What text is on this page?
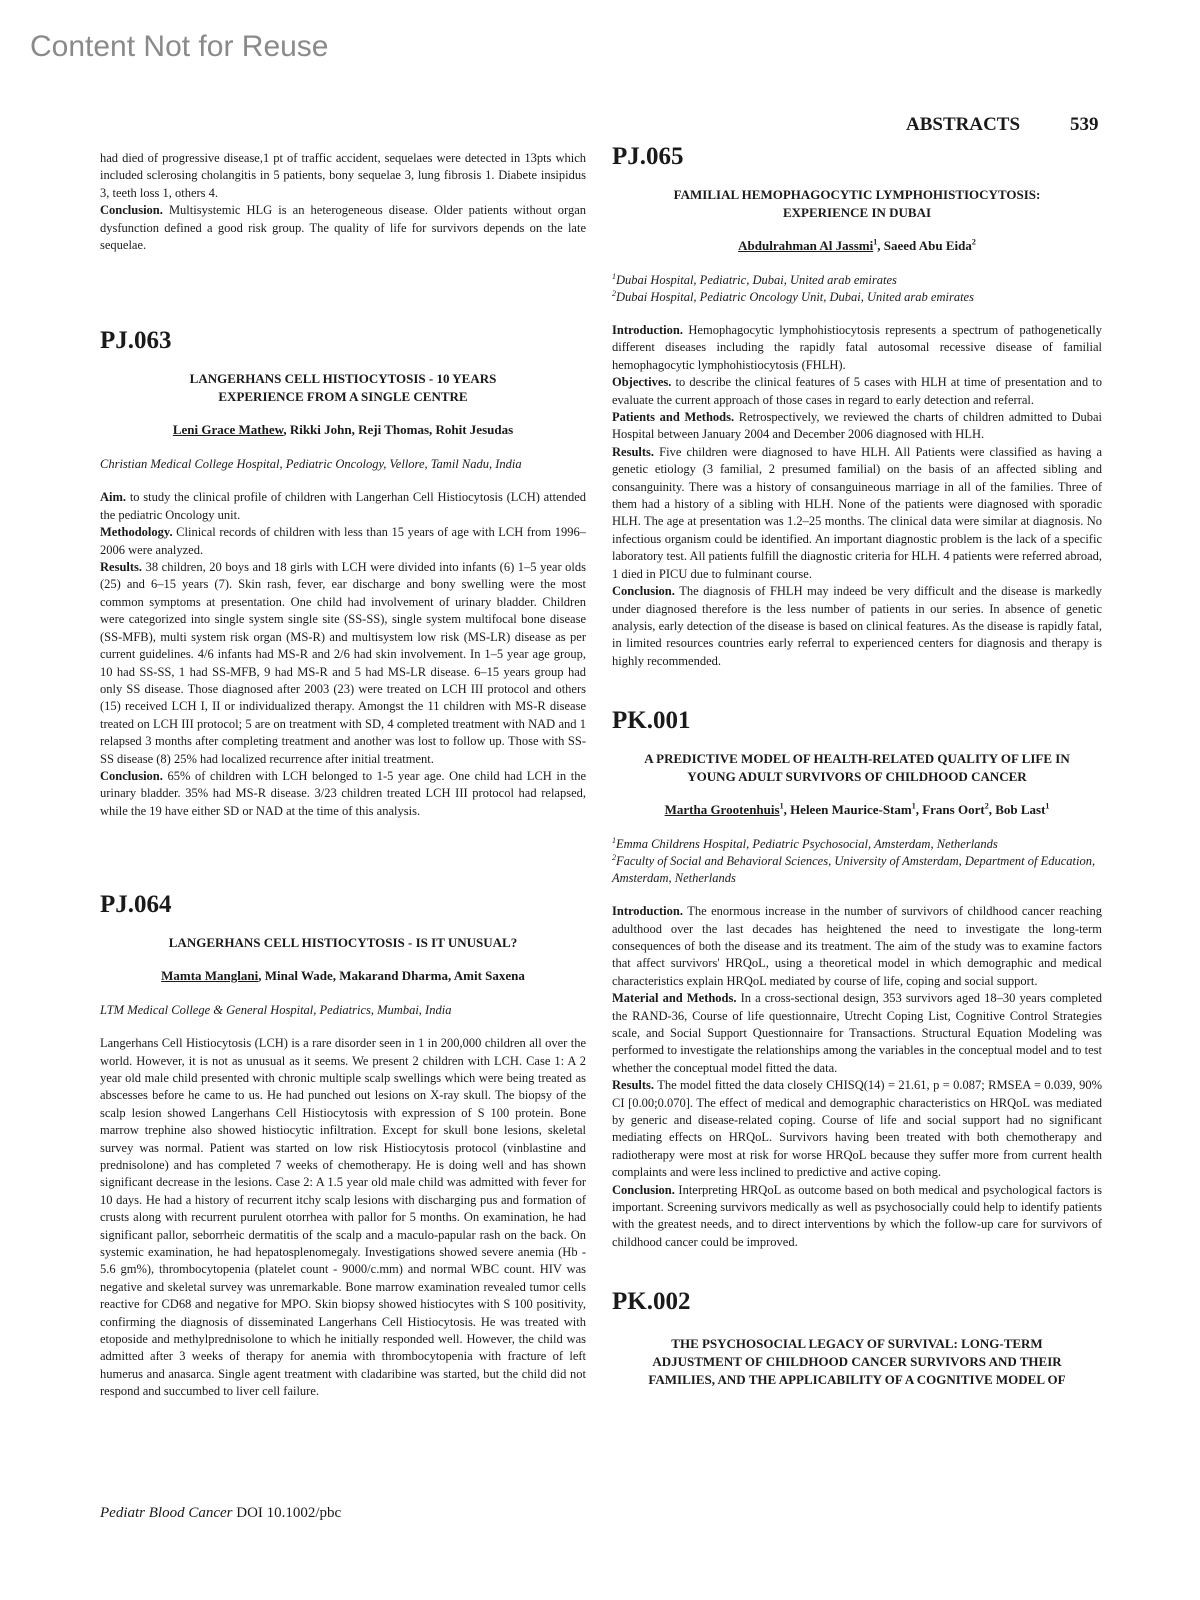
Content Not for Reuse
ABSTRACTS	539

had died of progressive disease,1 pt of traffic accident, sequelaes were detected in 13pts which included sclerosing cholangitis in 5 patients, bony sequelae 3, lung fibrosis 1. Diabete insipidus 3, teeth loss 1, others 4.
Conclusion. Multisystemic HLG is an heterogeneous disease. Older patients without organ dysfunction defined a good risk group. The quality of life for survivors depends on the late sequelae.

PJ.063
LANGERHANS CELL HISTIOCYTOSIS - 10 YEARS
EXPERIENCE FROM A SINGLE CENTRE
Leni Grace Mathew, Rikki John, Reji Thomas, Rohit Jesudas
Christian Medical College Hospital, Pediatric Oncology, Vellore, Tamil Nadu, India

Aim. to study the clinical profile of children with Langerhan Cell Histiocytosis (LCH) attended the pediatric Oncology unit.

Methodology. Clinical records of children with less than 15 years of age with LCH from 1996–2006 were analyzed.

Results. 38 children, 20 boys and 18 girls with LCH were divided into infants (6) 1–5 year olds (25) and 6–15 years (7). Skin rash, fever, ear discharge and bony swelling were the most common symptoms at presentation. One child had involvement of urinary bladder. Children were categorized into single system single site (SS-SS), single system multifocal bone disease (SS-MFB), multi system risk organ (MS-R) and multisystem low risk (MS-LR) disease as per current guidelines. 4/6 infants had MS-R and 2/6 had skin involvement. In 1–5 year age group, 10 had SS-SS, 1 had SS-MFB, 9 had MS-R and 5 had MS-LR disease. 6–15 years group had only SS disease. Those diagnosed after 2003 (23) were treated on LCH III protocol and others (15) received LCH I, II or individualized therapy. Amongst the 11 children with MS-R disease treated on LCH III protocol; 5 are on treatment with SD, 4 completed treatment with NAD and 1 relapsed 3 months after completing treatment and another was lost to follow up. Those with SS-SS disease (8) 25% had localized recurrence after initial treatment.

Conclusion. 65% of children with LCH belonged to 1-5 year age. One child had LCH in the urinary bladder. 35% had MS-R disease. 3/23 children treated LCH III protocol had relapsed, while the 19 have either SD or NAD at the time of this analysis.

PJ.064
LANGERHANS CELL HISTIOCYTOSIS - IS IT UNUSUAL?
Mamta Manglani, Minal Wade, Makarand Dharma, Amit Saxena
LTM Medical College & General Hospital, Pediatrics, Mumbai, India

Langerhans Cell Histiocytosis (LCH) is a rare disorder seen in 1 in 200,000 children all over the world. However, it is not as unusual as it seems. We present 2 children with LCH. Case 1: A 2 year old male child presented with chronic multiple scalp swellings which were being treated as abscesses before he came to us. He had punched out lesions on X-ray skull. The biopsy of the scalp lesion showed Langerhans Cell Histiocytosis with expression of S 100 protein. Bone marrow trephine also showed histiocytic infiltration. Except for skull bone lesions, skeletal survey was normal. Patient was started on low risk Histiocytosis protocol (vinblastine and prednisolone) and has completed 7 weeks of chemotherapy. He is doing well and has shown significant decrease in the lesions. Case 2: A 1.5 year old male child was admitted with fever for 10 days. He had a history of recurrent itchy scalp lesions with discharging pus and formation of crusts along with recurrent purulent otorrhea with pallor for 5 months. On examination, he had significant pallor, seborrheic dermatitis of the scalp and a maculo-papular rash on the back. On systemic examination, he had hepatosplenomegaly. Investigations showed severe anemia (Hb - 5.6 gm%), thrombocytopenia (platelet count - 9000/c.mm) and normal WBC count. HIV was negative and skeletal survey was unremarkable. Bone marrow examination revealed tumor cells reactive for CD68 and negative for MPO. Skin biopsy showed histiocytes with S 100 positivity, confirming the diagnosis of disseminated Langerhans Cell Histiocytosis. He was treated with etoposide and methylprednisolone to which he initially responded well. However, the child was admitted after 3 weeks of therapy for anemia with thrombocytopenia with fracture of left humerus and anasarca. Single agent treatment with cladaribine was started, but the child did not respond and succumbed to liver cell failure.

PJ.065
FAMILIAL HEMOPHAGOCYTIC LYMPHOHISTIOCYTOSIS:
EXPERIENCE IN DUBAI
Abdulrahman Al Jassmi$^1$, Saeed Abu Eida$^2$
$^1$Dubai Hospital, Pediatric, Dubai, United arab emirates
$^2$Dubai Hospital, Pediatric Oncology Unit, Dubai, United arab emirates

Introduction. Hemophagocytic lymphohistiocytosis represents a spectrum of pathogenetically different diseases including the rapidly fatal autosomal recessive disease of familial hemophagocytic lymphohistiocytosis (FHLH).

Objectives. to describe the clinical features of 5 cases with HLH at time of presentation and to evaluate the current approach of those cases in regard to early detection and referral.

Patients and Methods. Retrospectively, we reviewed the charts of children admitted to Dubai Hospital between January 2004 and December 2006 diagnosed with HLH.

Results. Five children were diagnosed to have HLH. All Patients were classified as having a genetic etiology (3 familial, 2 presumed familial) on the basis of an affected sibling and consanguinity. There was a history of consanguineous marriage in all of the families. Three of them had a history of a sibling with HLH. None of the patients were diagnosed with sporadic HLH. The age at presentation was 1.2–25 months. The clinical data were similar at diagnosis. No infectious organism could be identified. An important diagnostic problem is the lack of a specific laboratory test. All patients fulfill the diagnostic criteria for HLH. 4 patients were referred abroad, 1 died in PICU due to fulminant course.

Conclusion. The diagnosis of FHLH may indeed be very difficult and the disease is markedly under diagnosed therefore is the less number of patients in our series. In absence of genetic analysis, early detection of the disease is based on clinical features. As the disease is rapidly fatal, in limited resources countries early referral to experienced centers for diagnosis and therapy is highly recommended.

PK.001
A PREDICTIVE MODEL OF HEALTH-RELATED QUALITY OF LIFE IN
YOUNG ADULT SURVIVORS OF CHILDHOOD CANCER
Martha Grootenhuis$^1$, Heleen Maurice-Stam$^1$, Frans Oort$^2$, Bob Last$^1$
$^1$Emma Childrens Hospital, Pediatric Psychosocial, Amsterdam, Netherlands
$^2$Faculty of Social and Behavioral Sciences, University of Amsterdam, Department of Education, Amsterdam, Netherlands

Introduction. The enormous increase in the number of survivors of childhood cancer reaching adulthood over the last decades has heightened the need to investigate the long-term consequences of both the disease and its treatment. The aim of the study was to examine factors that affect survivors' HRQoL, using a theoretical model in which demographic and medical characteristics explain HRQoL mediated by course of life, coping and social support.

Material and Methods. In a cross-sectional design, 353 survivors aged 18–30 years completed the RAND-36, Course of life questionnaire, Utrecht Coping List, Cognitive Control Strategies scale, and Social Support Questionnaire for Transactions. Structural Equation Modeling was performed to investigate the relationships among the variables in the conceptual model and to test whether the conceptual model fitted the data.

Results. The model fitted the data closely CHISQ(14) = 21.61, p = 0.087; RMSEA = 0.039, 90% CI [0.00;0.070]. The effect of medical and demographic characteristics on HRQoL was mediated by generic and disease-related coping. Course of life and social support had no significant mediating effects on HRQoL. Survivors having been treated with both chemotherapy and radiotherapy were most at risk for worse HRQoL because they suffer more from current health complaints and were less inclined to predictive and active coping.

Conclusion. Interpreting HRQoL as outcome based on both medical and psychological factors is important. Screening survivors medically as well as psychosocially could help to identify patients with the greatest needs, and to direct interventions by which the follow-up care for survivors of childhood cancer could be improved.

PK.002
THE PSYCHOSOCIAL LEGACY OF SURVIVAL: LONG-TERM
ADJUSTMENT OF CHILDHOOD CANCER SURVIVORS AND THEIR
FAMILIES, AND THE APPLICABILITY OF A COGNITIVE MODEL OF
Pediatr Blood Cancer DOI 10.1002/pbc
